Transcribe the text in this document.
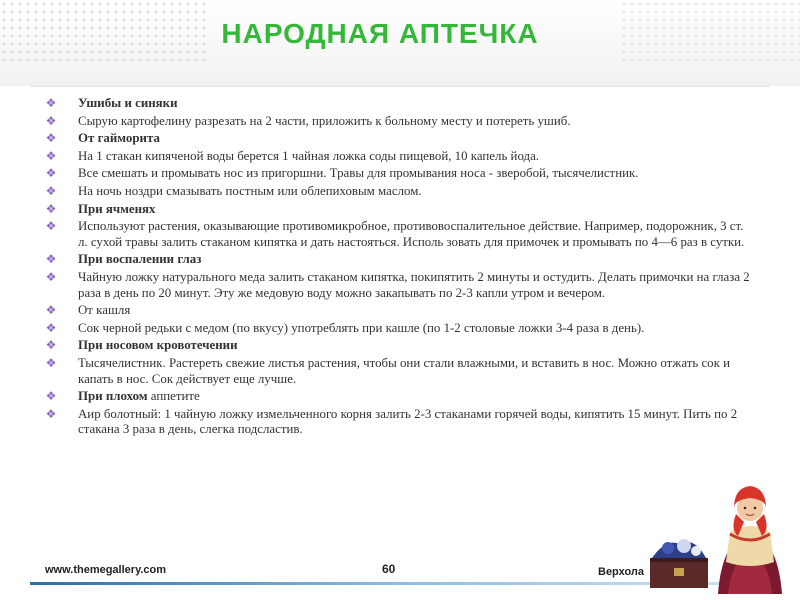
НАРОДНАЯ АПТЕЧКА
❖ Ушибы и синяки
❖ Сырую картофелину разрезать на 2 части, приложить к больному месту и потереть ушиб.
❖ От гайморита
❖ На 1 стакан кипяченой воды берется 1 чайная ложка соды пищевой, 10 капель йода.
❖ Все смешать и промывать нос из пригоршни. Травы для промывания носа - зверобой, тысячелистник.
❖ На ночь ноздри смазывать постным или облепиховым маслом.
❖ При ячменях
❖ Используют растения, оказывающие противомикробное, противовоспалительное действие. Например, подорожник, 3 ст. л. сухой травы залить стаканом кипятка и дать настояться. Исполь зовать для примочек и промывать по 4—6 раз в сутки.
❖ При воспалении глаз
❖ Чайную ложку натурального меда залить стаканом кипятка, покипятить 2 минуты и остудить. Делать примочки на глаза 2 раза в день по 20 минут. Эту же медовую воду можно закапывать по 2-3 капли утром и вечером.
❖ От кашля
❖ Сок черной редьки с медом (по вкусу) употреблять при кашле (по 1-2 столовые ложки 3-4 раза в день).
❖ При носовом кровотечении
❖ Тысячелистник. Растереть свежие листья растения, чтобы они стали влажными, и вставить в нос. Можно отжать сок и капать в нос. Сок действует еще лучше.
❖ При плохом аппетите
❖ Аир болотный: 1 чайную ложку измельченного корня залить 2-3 стаканами горячей воды, кипятить 15 минут. Пить по 2 стакана 3 раза в день, слегка подсластив.
www.themegallery.com	60	Верхола
